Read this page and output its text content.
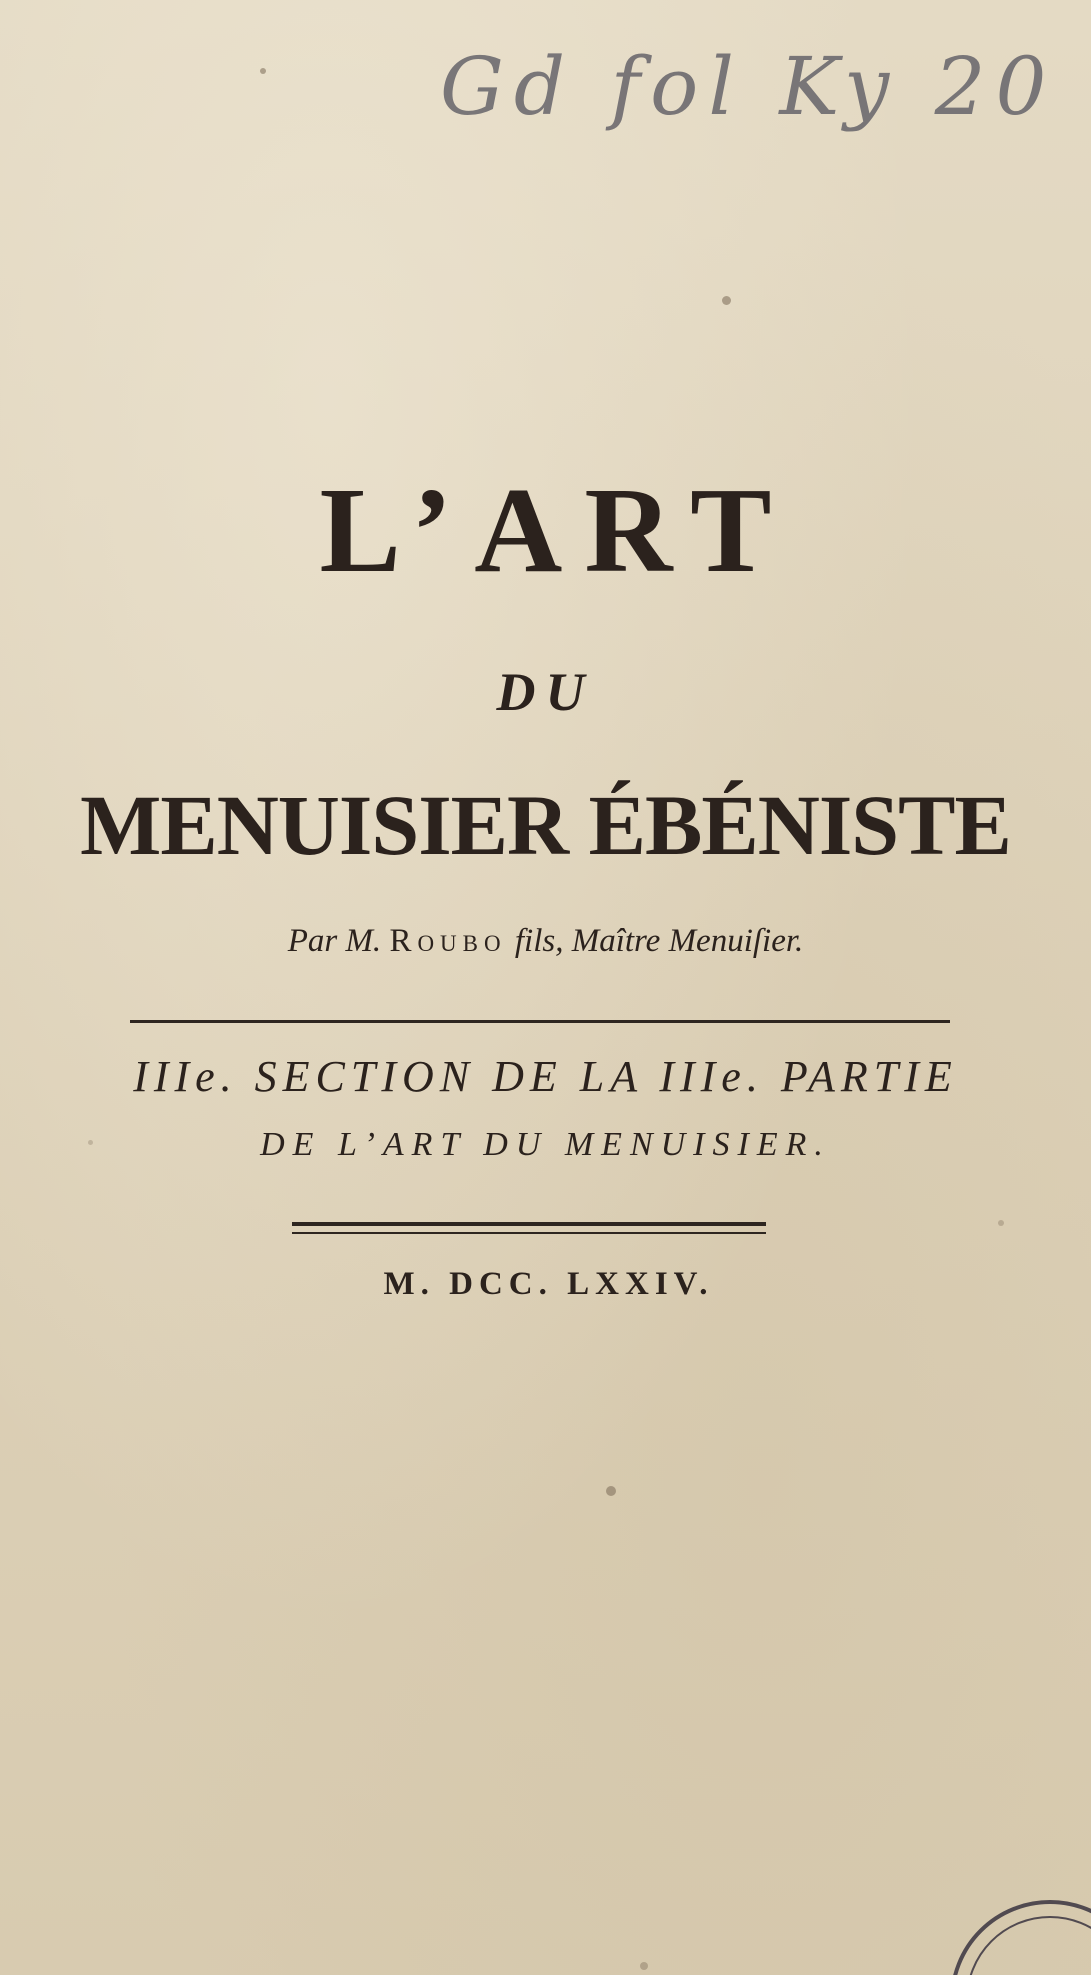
Gd fol Ky 20
L’ART
DU
MENUISIER ÉBÉNISTE
Par M. Roubo fils, Maître Menuiſier.
IIIe. SECTION DE LA IIIe. PARTIE
DE L’ART DU MENUISIER.
M. DCC. LXXIV.
